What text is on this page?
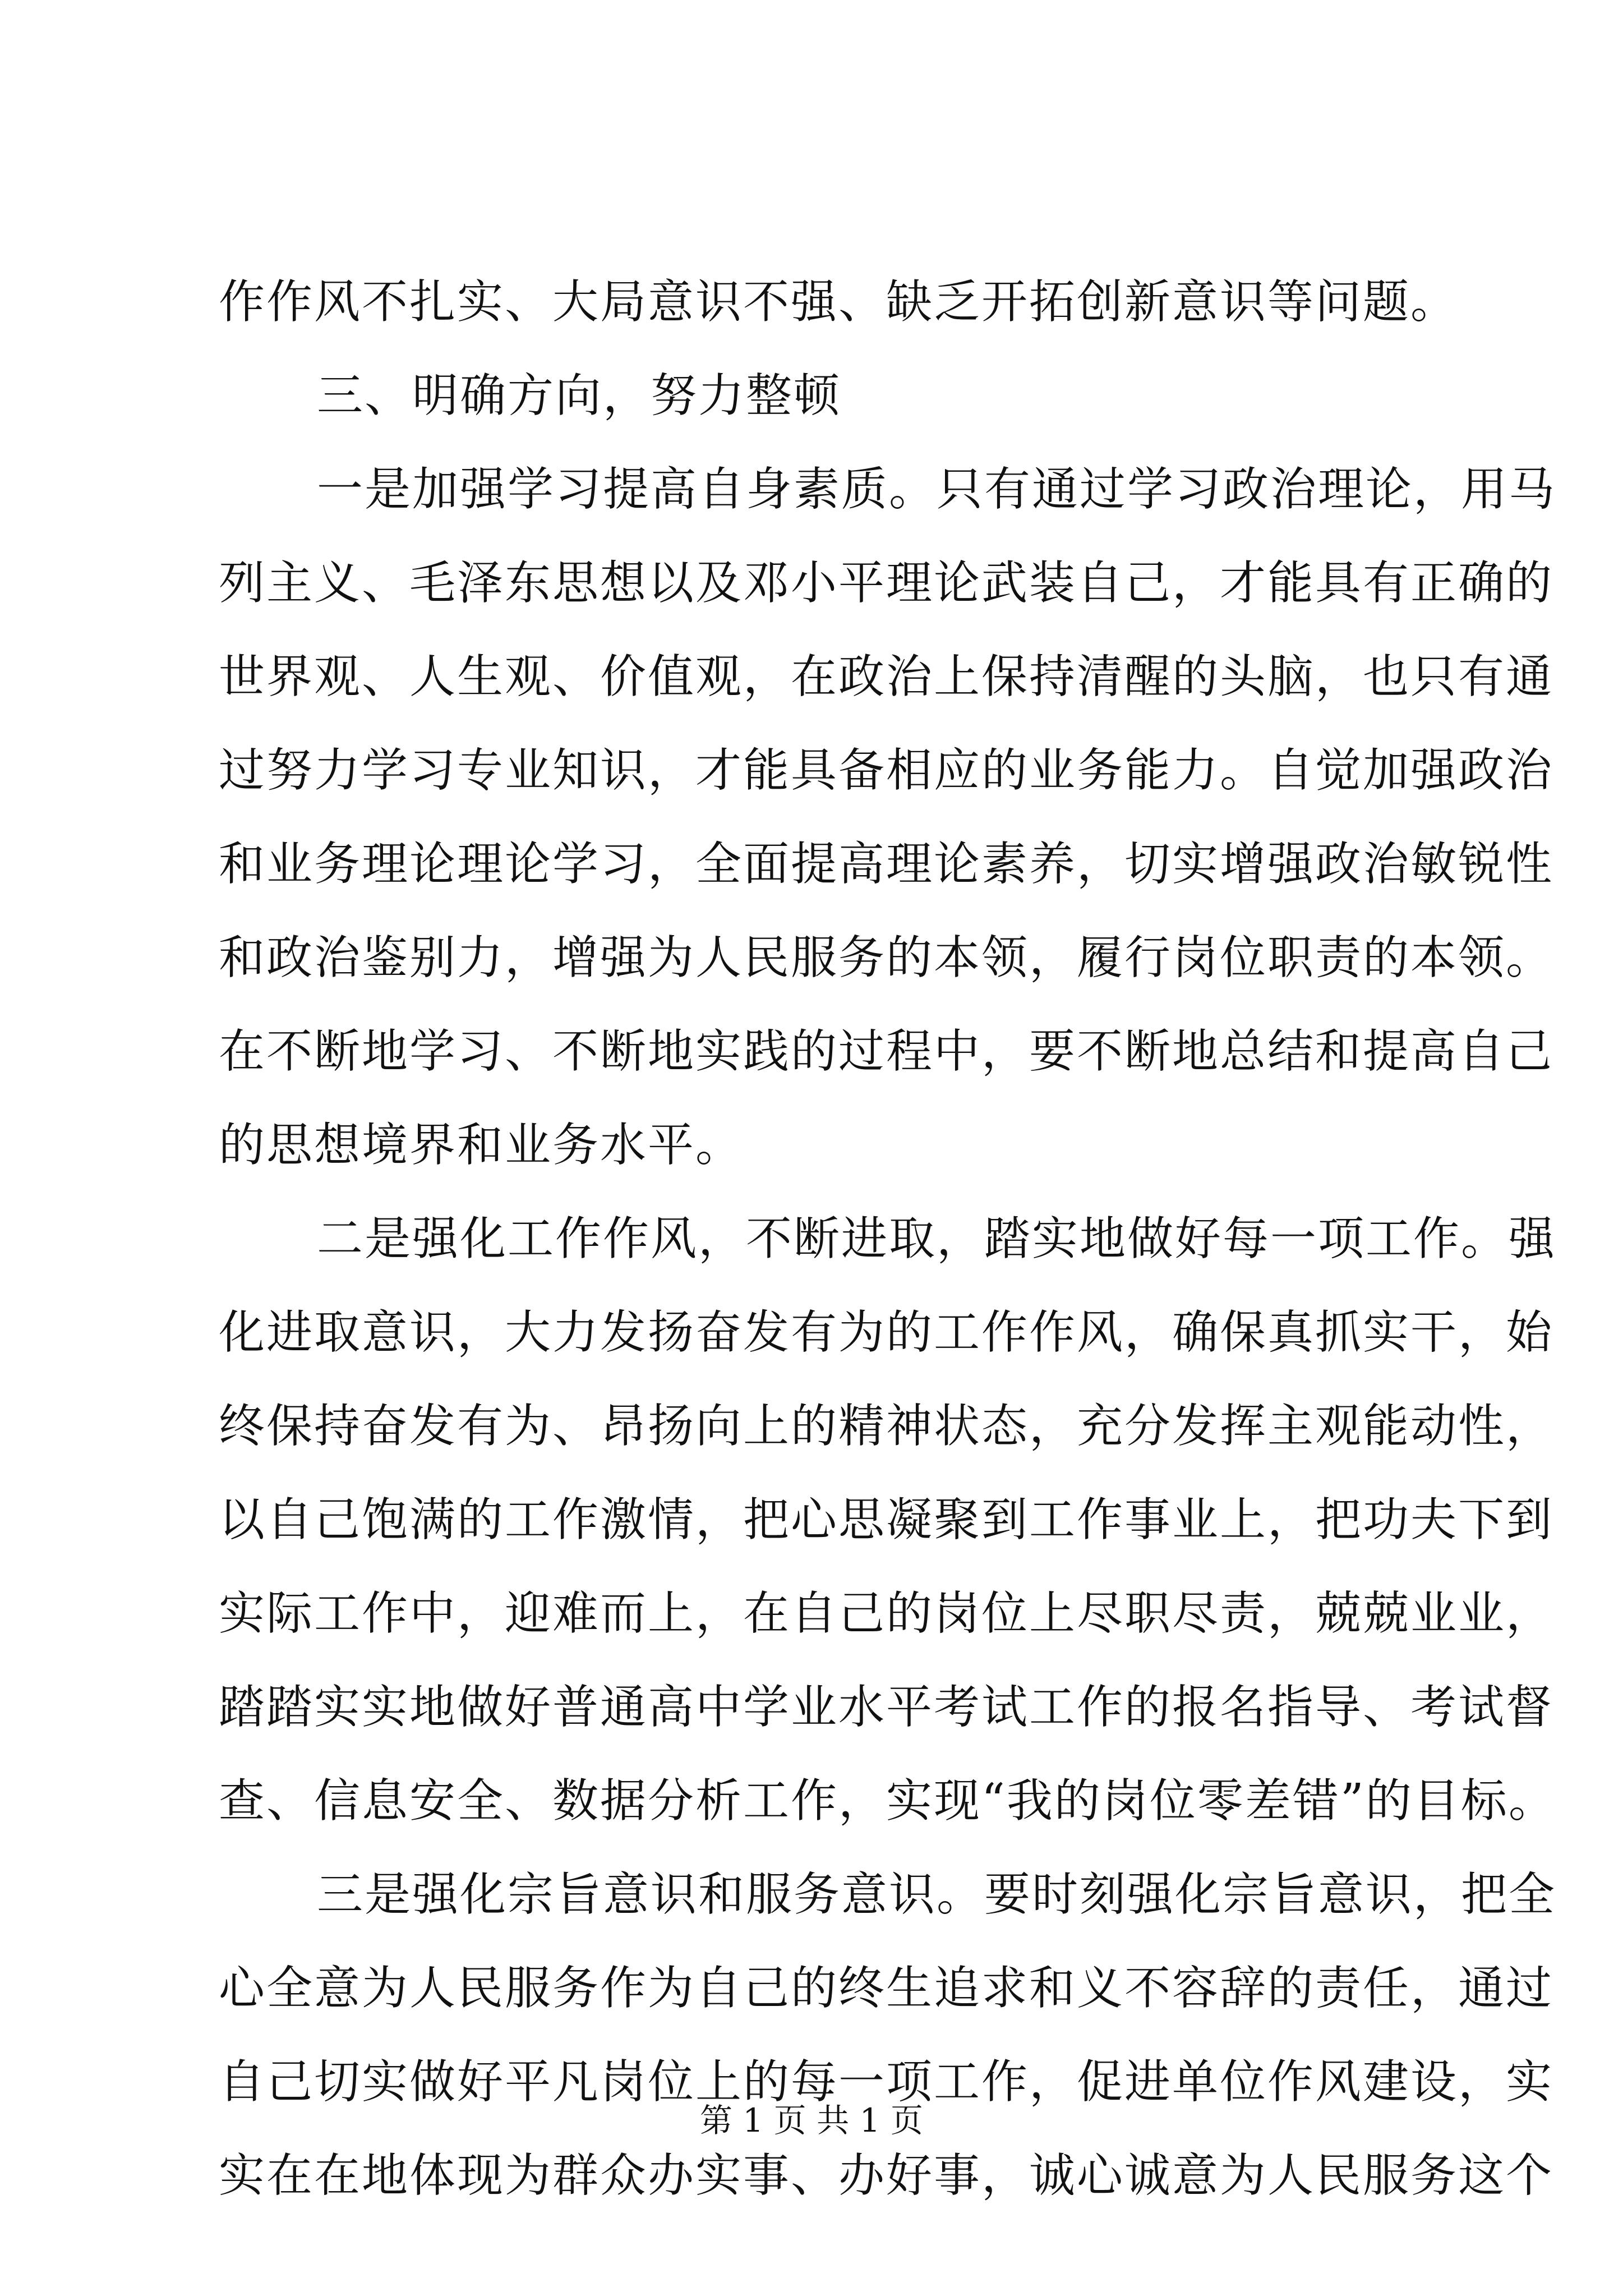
作作风不扎实、大局意识不强、缺乏开拓创新意识等问题。
三、明确方向，努力整顿
一是加强学习提高自身素质。只有通过学习政治理论，用马
列主义、毛泽东思想以及邓小平理论武装自己，才能具有正确的
世界观、人生观、价值观，在政治上保持清醒的头脑，也只有通
过努力学习专业知识，才能具备相应的业务能力。自觉加强政治
和业务理论理论学习，全面提高理论素养，切实增强政治敏锐性
和政治鉴别力，增强为人民服务的本领，履行岗位职责的本领。
在不断地学习、不断地实践的过程中，要不断地总结和提高自己
的思想境界和业务水平。
二是强化工作作风，不断进取，踏实地做好每一项工作。强
化进取意识，大力发扬奋发有为的工作作风，确保真抓实干，始
终保持奋发有为、昂扬向上的精神状态，充分发挥主观能动性，
以自己饱满的工作激情，把心思凝聚到工作事业上，把功夫下到
实际工作中，迎难而上，在自己的岗位上尽职尽责，兢兢业业，
踏踏实实地做好普通高中学业水平考试工作的报名指导、考试督
查、信息安全、数据分析工作，实现“我的岗位零差错”的目标。
三是强化宗旨意识和服务意识。要时刻强化宗旨意识，把全
心全意为人民服务作为自己的终生追求和义不容辞的责任，通过
自己切实做好平凡岗位上的每一项工作，促进单位作风建设，实
实在在地体现为群众办实事、办好事，诚心诚意为人民服务这个
第 1 页 共 1 页
